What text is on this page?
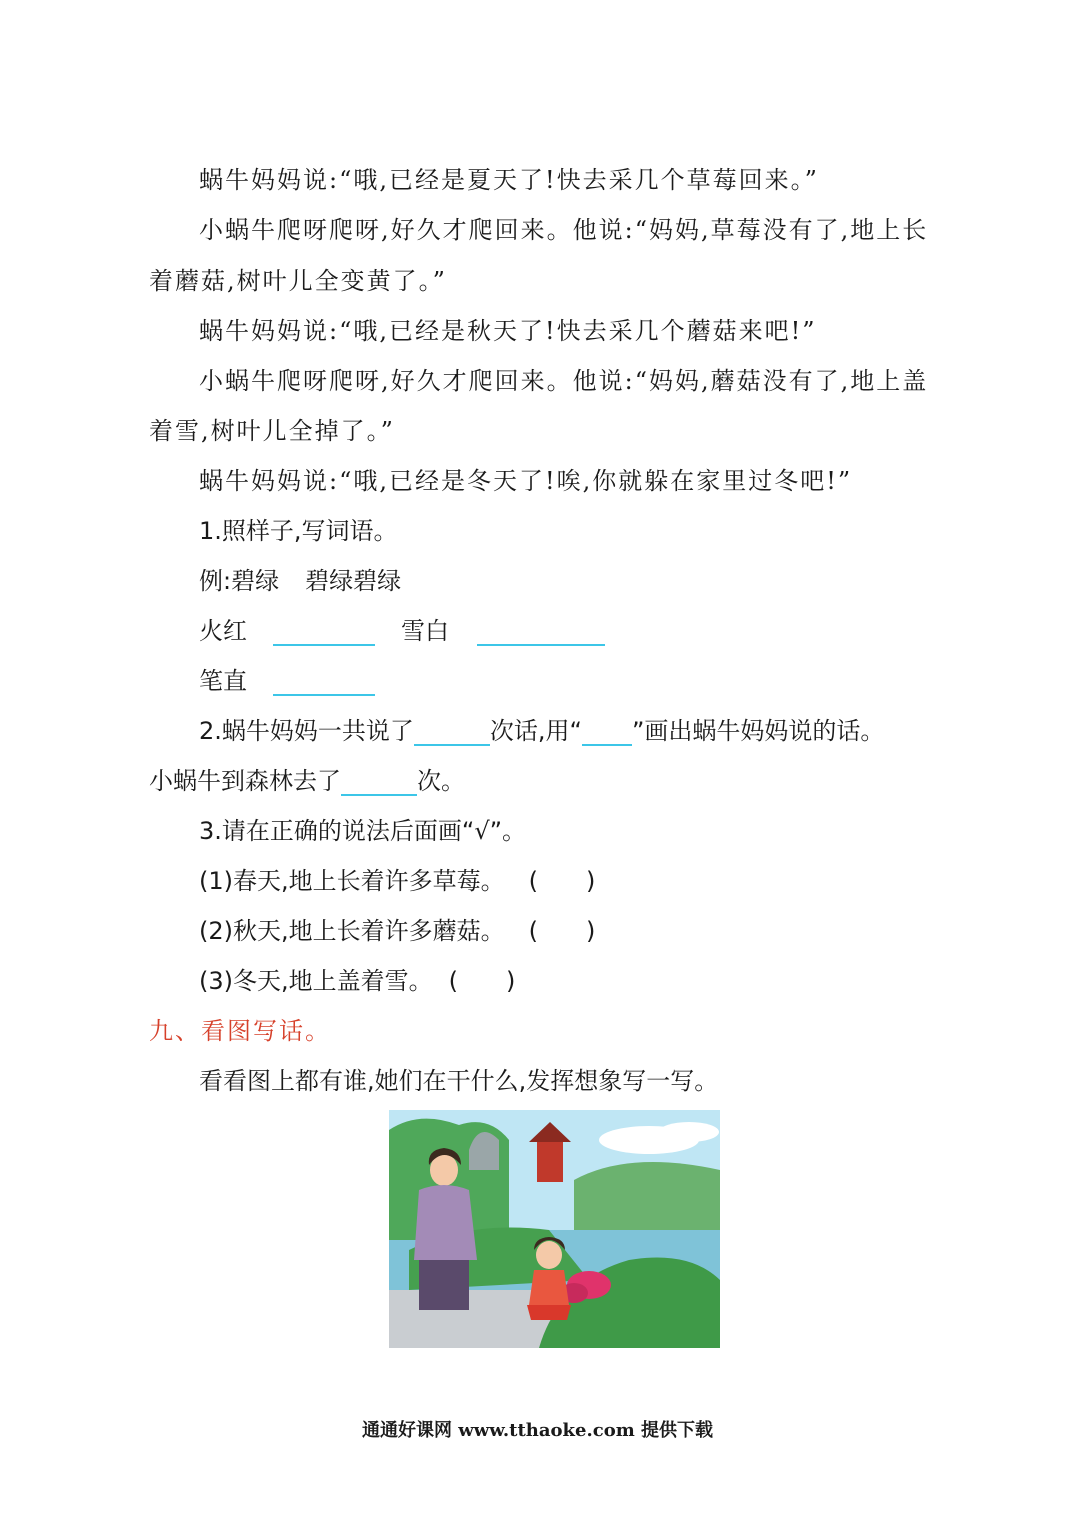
蜗牛妈妈说:“哦,已经是夏天了!快去采几个草莓回来。”
小蜗牛爬呀爬呀,好久才爬回来。他说:“妈妈,草莓没有了,地上长
着蘑菇,树叶儿全变黄了。”
蜗牛妈妈说:“哦,已经是秋天了!快去采几个蘑菇来吧!”
小蜗牛爬呀爬呀,好久才爬回来。他说:“妈妈,蘑菇没有了,地上盖
着雪,树叶儿全掉了。”
蜗牛妈妈说:“哦,已经是冬天了!唉,你就躲在家里过冬吧!”
1.照样子,写词语。
例:碧绿 碧绿碧绿
火红	雪白
笔直
2.蜗牛妈妈一共说了	次话,用“ ”画出蜗牛妈妈说的话。
小蜗牛到森林去了	次。
3.请在正确的说法后面画“√”。
(1)春天,地上长着许多草莓。 (　　)
(2)秋天,地上长着许多蘑菇。 (　　)
(3)冬天,地上盖着雪。 (　　)
九、看图写话。
看看图上都有谁,她们在干什么,发挥想象写一写。
通通好课网 www.tthaoke.com 提供下载
